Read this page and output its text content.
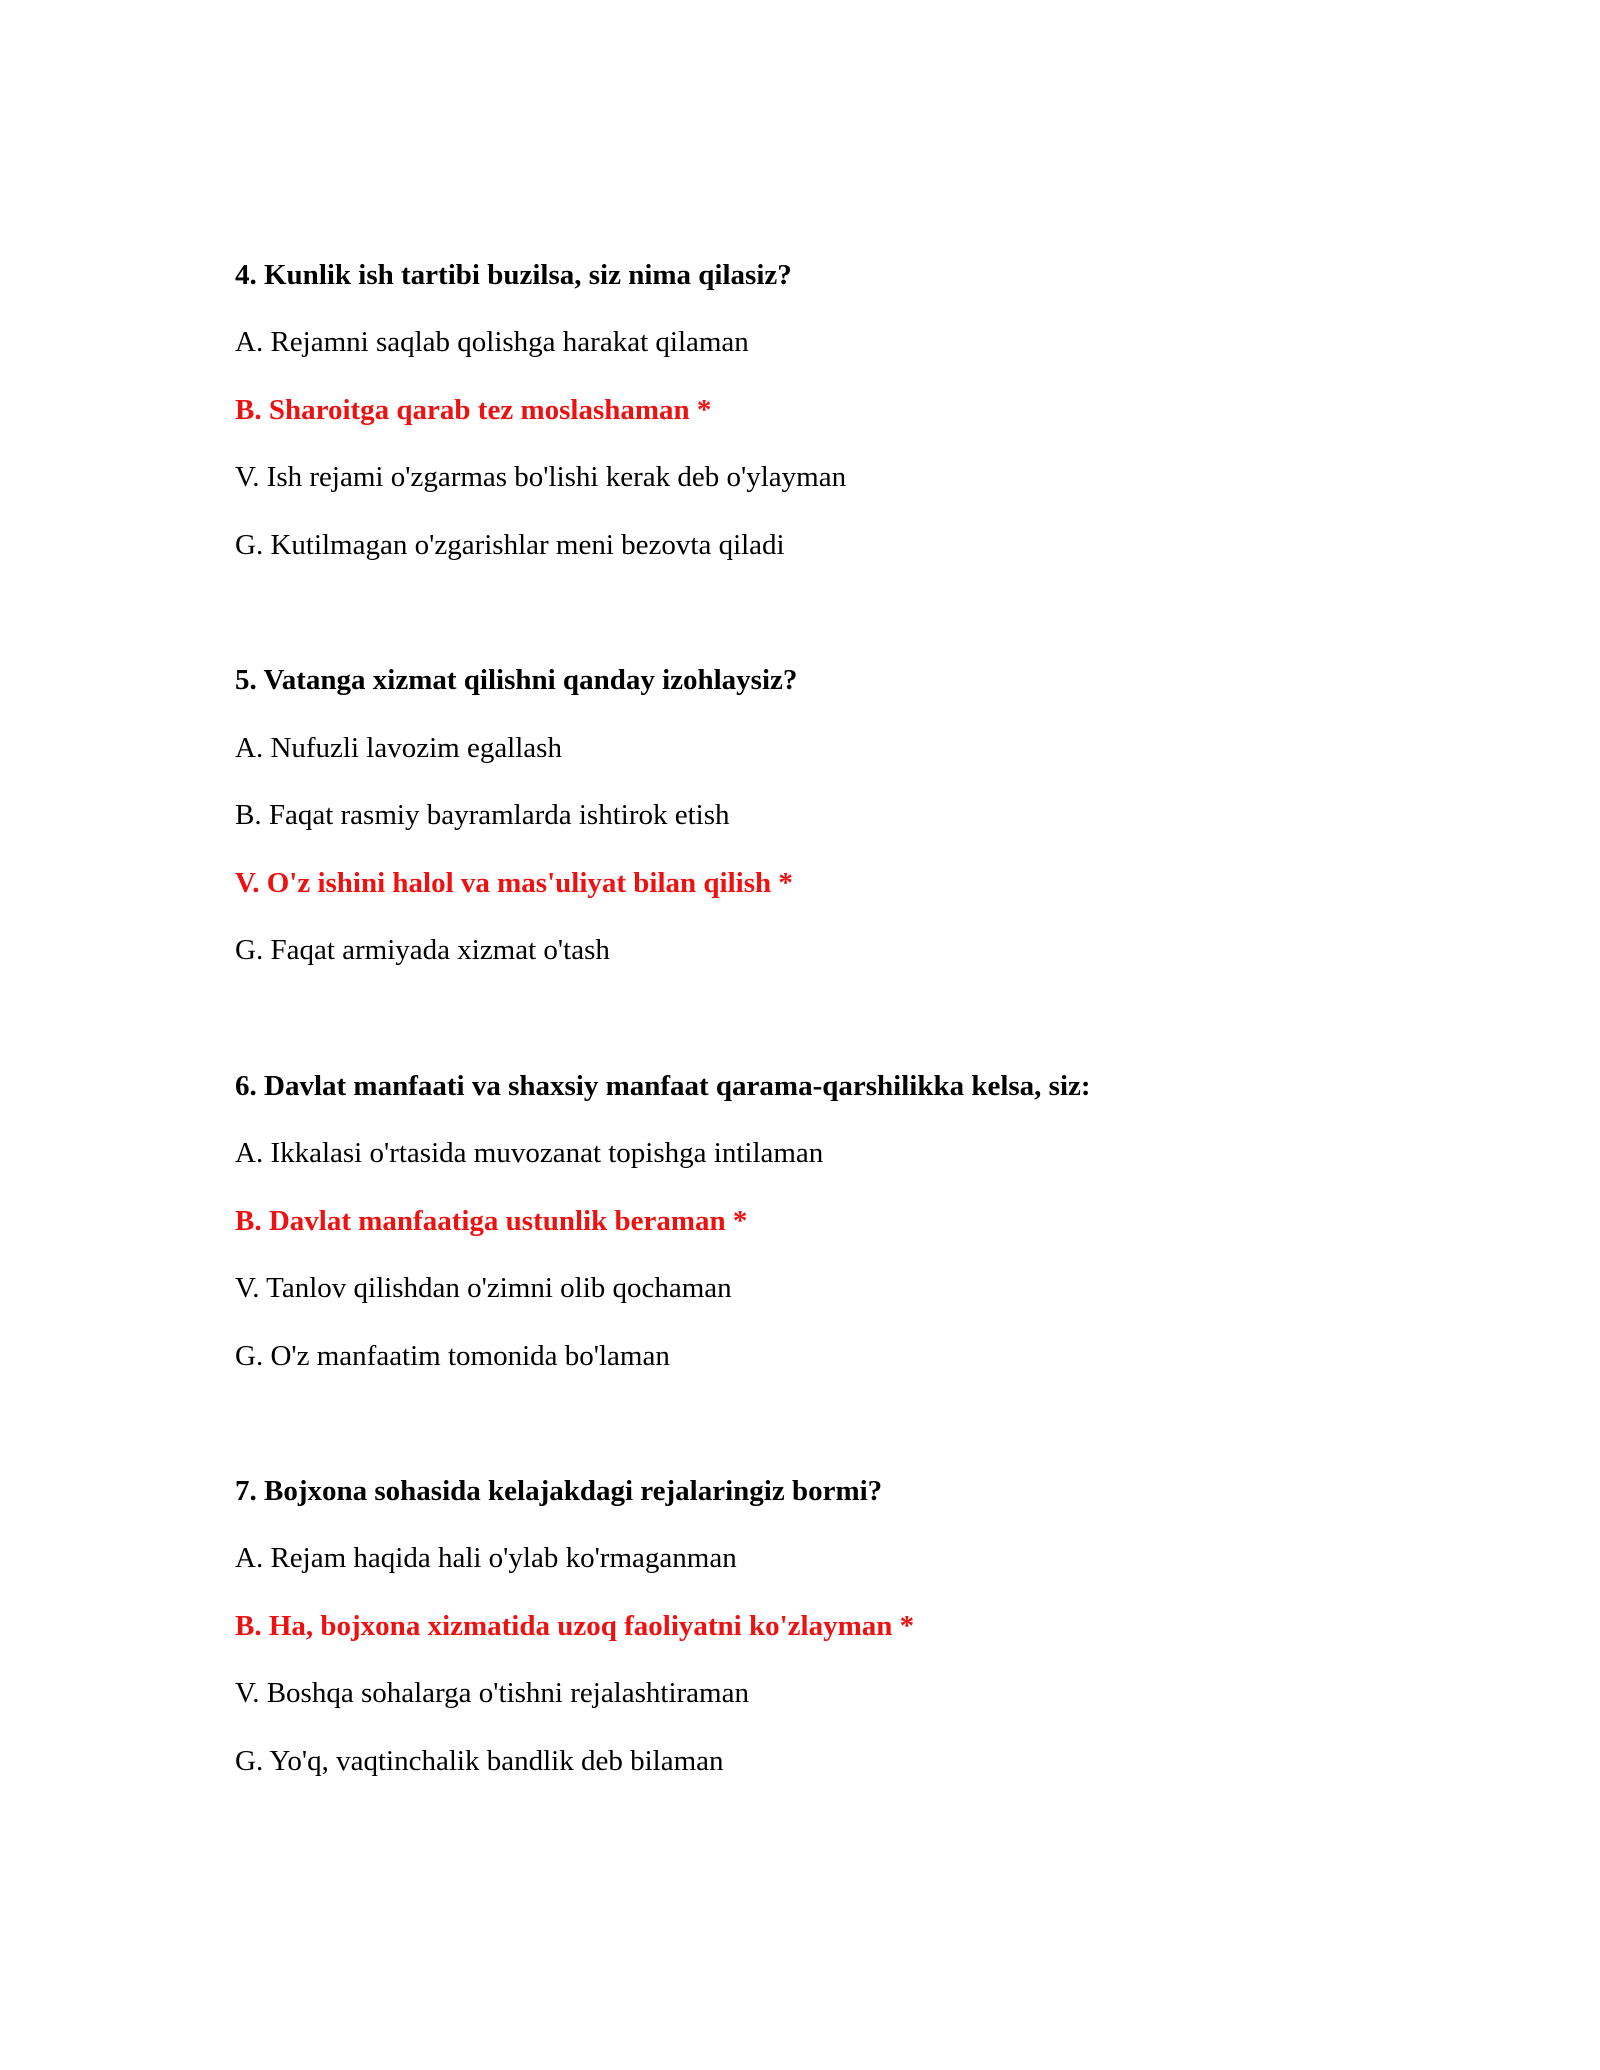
4. Kunlik ish tartibi buzilsa, siz nima qilasiz?
A. Rejamni saqlab qolishga harakat qilaman
B. Sharoitga qarab tez moslashaman *
V. Ish rejami o'zgarmas bo'lishi kerak deb o'ylayman
G. Kutilmagan o'zgarishlar meni bezovta qiladi
5. Vatanga xizmat qilishni qanday izohlaysiz?
A. Nufuzli lavozim egallash
B. Faqat rasmiy bayramlarda ishtirok etish
V. O'z ishini halol va mas'uliyat bilan qilish *
G. Faqat armiyada xizmat o'tash
6. Davlat manfaati va shaxsiy manfaat qarama-qarshilikka kelsa, siz:
A. Ikkalasi o'rtasida muvozanat topishga intilaman
B. Davlat manfaatiga ustunlik beraman *
V. Tanlov qilishdan o'zimni olib qochaman
G. O'z manfaatim tomonida bo'laman
7. Bojxona sohasida kelajakdagi rejalaringiz bormi?
A. Rejam haqida hali o'ylab ko'rmaganman
B. Ha, bojxona xizmatida uzoq faoliyatni ko'zlayman *
V. Boshqa sohalarga o'tishni rejalashtiraman
G. Yo'q, vaqtinchalik bandlik deb bilaman
